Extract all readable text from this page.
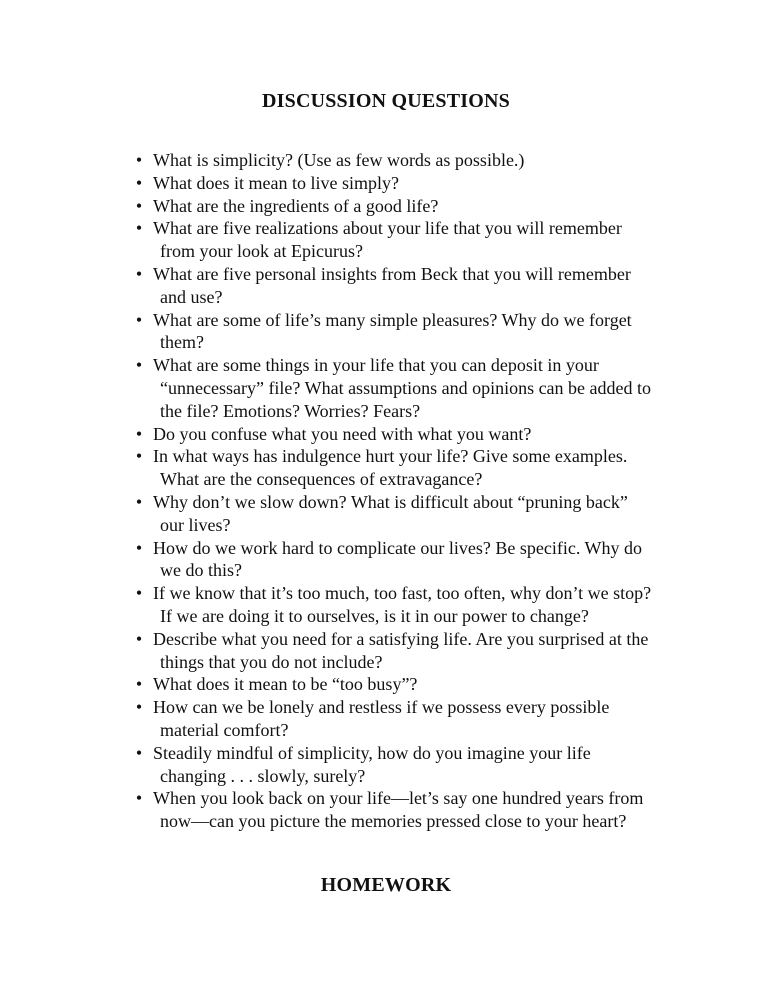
DISCUSSION QUESTIONS
• What is simplicity? (Use as few words as possible.)
• What does it mean to live simply?
• What are the ingredients of a good life?
• What are five realizations about your life that you will remember
from your look at Epicurus?
• What are five personal insights from Beck that you will remember
and use?
• What are some of life’s many simple pleasures? Why do we forget
them?
• What are some things in your life that you can deposit in your
“unnecessary” file? What assumptions and opinions can be added to
the file? Emotions? Worries? Fears?
• Do you confuse what you need with what you want?
• In what ways has indulgence hurt your life? Give some examples.
What are the consequences of extravagance?
• Why don’t we slow down? What is difficult about “pruning back”
our lives?
• How do we work hard to complicate our lives? Be specific. Why do
we do this?
• If we know that it’s too much, too fast, too often, why don’t we stop?
If we are doing it to ourselves, is it in our power to change?
• Describe what you need for a satisfying life. Are you surprised at the
things that you do not include?
• What does it mean to be “too busy”?
• How can we be lonely and restless if we possess every possible
material comfort?
• Steadily mindful of simplicity, how do you imagine your life
changing . . . slowly, surely?
• When you look back on your life—let’s say one hundred years from
now—can you picture the memories pressed close to your heart?
HOMEWORK
